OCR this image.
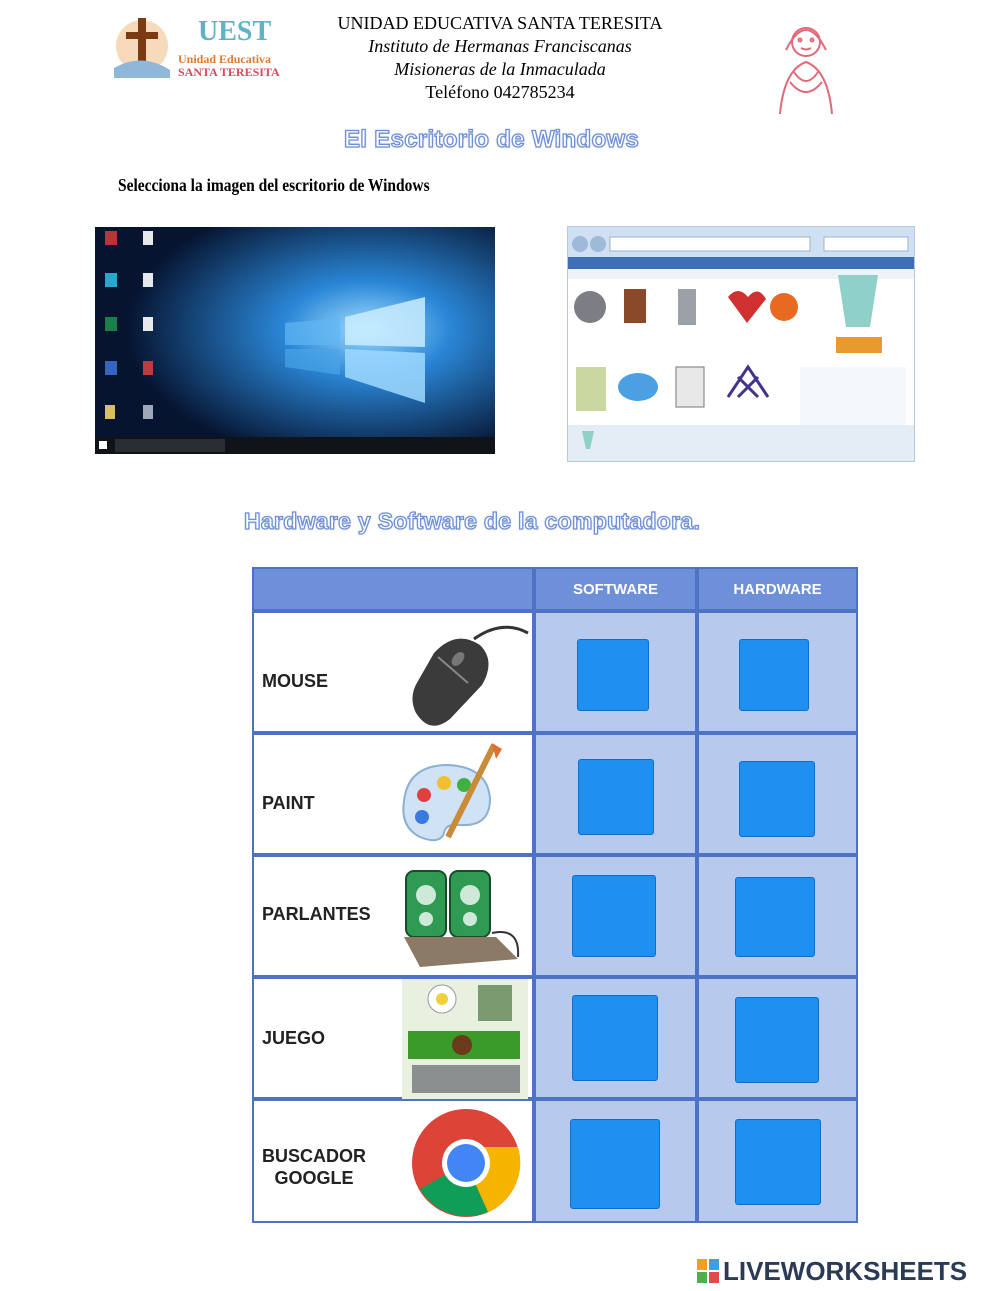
UEST
Unidad Educativa
SANTA TERESITA
UNIDAD EDUCATIVA SANTA TERESITA
Instituto de Hermanas Franciscanas
Misioneras de la Inmaculada
Teléfono 042785234
El Escritorio de Windows
Selecciona la imagen del escritorio de Windows
Hardware y Software de la computadora.
SOFTWARE	HARDWARE
MOUSE
PAINT
PARLANTES
JUEGO
BUSCADOR
GOOGLE
LIVEWORKSHEETS
